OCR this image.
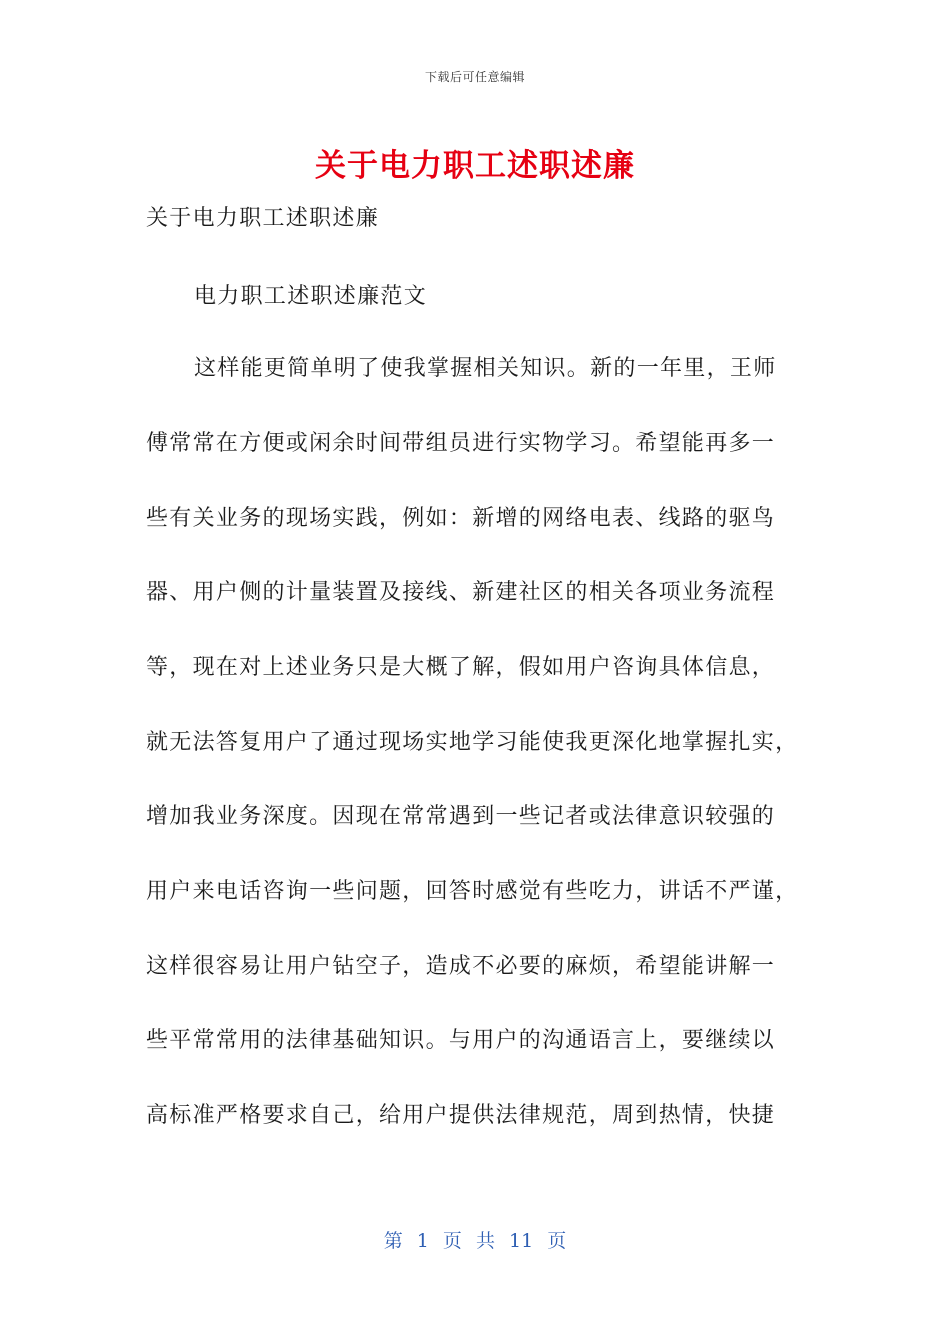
下载后可任意编辑
关于电力职工述职述廉
关于电力职工述职述廉
电力职工述职述廉范文
这样能更简单明了使我掌握相关知识。新的一年里，王师
傅常常在方便或闲余时间带组员进行实物学习。希望能再多一
些有关业务的现场实践，例如：新增的网络电表、线路的驱鸟
器、用户侧的计量装置及接线、新建社区的相关各项业务流程
等，现在对上述业务只是大概了解，假如用户咨询具体信息，
就无法答复用户了通过现场实地学习能使我更深化地掌握扎实，
增加我业务深度。因现在常常遇到一些记者或法律意识较强的
用户来电话咨询一些问题，回答时感觉有些吃力，讲话不严谨，
这样很容易让用户钻空子，造成不必要的麻烦，希望能讲解一
些平常常用的法律基础知识。与用户的沟通语言上，要继续以
高标准严格要求自己，给用户提供法律规范，周到热情，快捷
第 1 页 共 11 页
